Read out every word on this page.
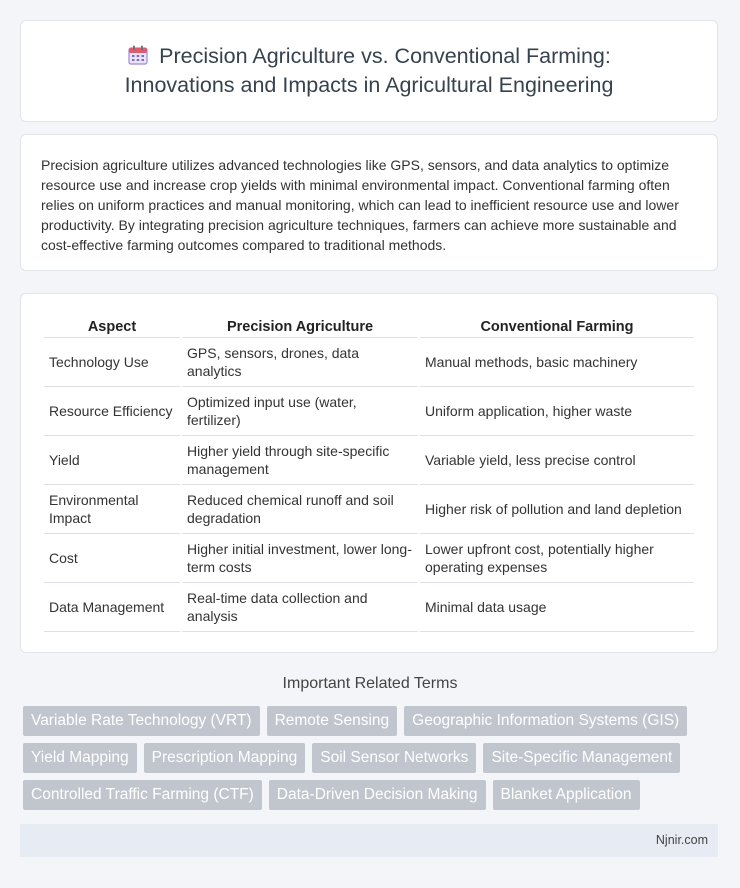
Precision Agriculture vs. Conventional Farming:
Innovations and Impacts in Agricultural Engineering

Precision agriculture utilizes advanced technologies like GPS, sensors, and data analytics to optimize resource use and increase crop yields with minimal environmental impact. Conventional farming often relies on uniform practices and manual monitoring, which can lead to inefficient resource use and lower productivity. By integrating precision agriculture techniques, farmers can achieve more sustainable and cost-effective farming outcomes compared to traditional methods.

Aspect	Precision Agriculture	Conventional Farming
Technology Use	GPS, sensors, drones, data analytics	Manual methods, basic machinery
Resource Efficiency	Optimized input use (water, fertilizer)	Uniform application, higher waste
Yield	Higher yield through site-specific management	Variable yield, less precise control
Environmental Impact	Reduced chemical runoff and soil degradation	Higher risk of pollution and land depletion
Cost	Higher initial investment, lower long-term costs	Lower upfront cost, potentially higher operating expenses
Data Management	Real-time data collection and analysis	Minimal data usage
Important Related Terms
Variable Rate Technology (VRT)	Remote Sensing	Geographic Information Systems (GIS)
Yield Mapping	Prescription Mapping	Soil Sensor Networks	Site-Specific Management
Controlled Traffic Farming (CTF)	Data-Driven Decision Making	Blanket Application
Njnir.com
